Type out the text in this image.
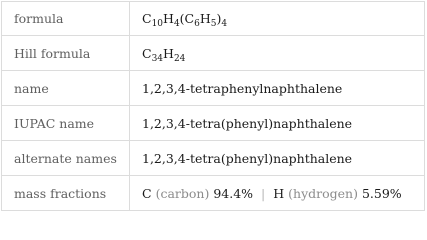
formula	$C_{10}H_4(C_6H_5)_4$
Hill formula	$C_{34}H_{24}$
name	1,2,3,4-tetraphenylnaphthalene
IUPAC name	1,2,3,4-tetra(phenyl)naphthalene
alternate names	1,2,3,4-tetra(phenyl)naphthalene
mass fractions	C (carbon) 94.4% | H (hydrogen) 5.59%
